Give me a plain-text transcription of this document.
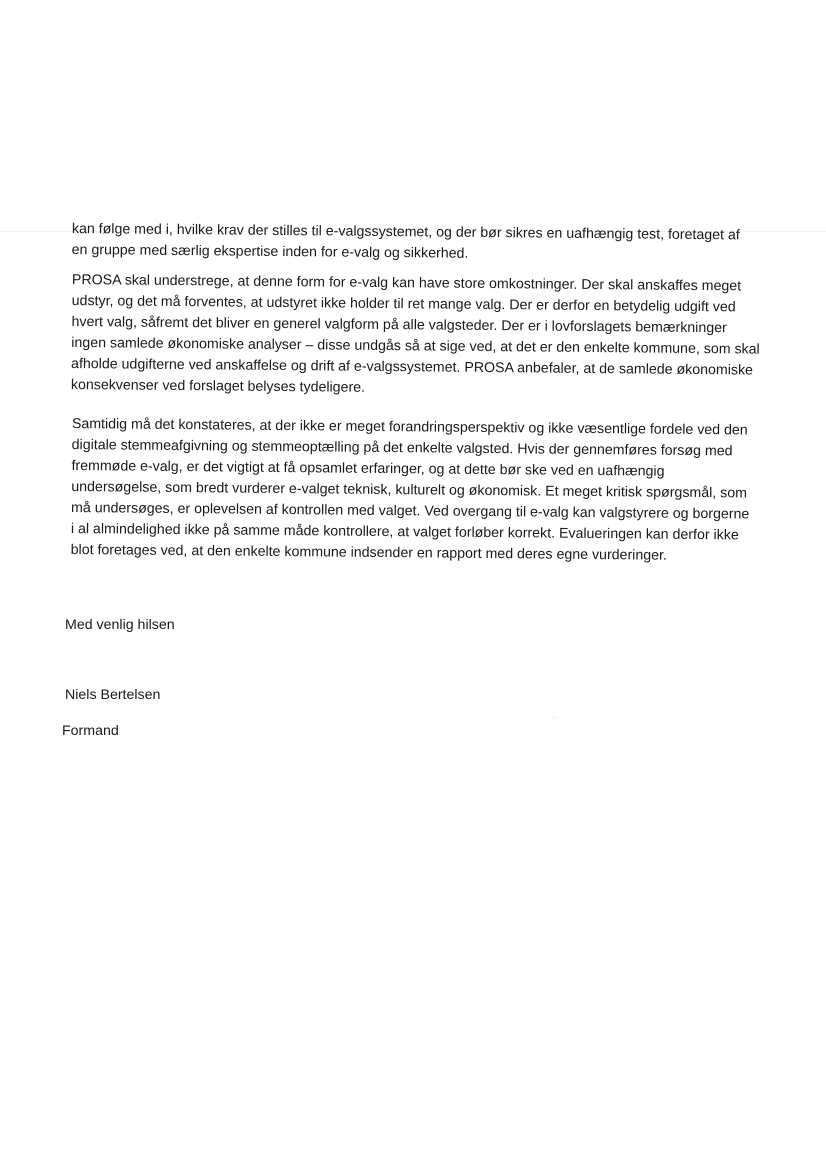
kan følge med i, hvilke krav der stilles til e-valgssystemet, og der bør sikres en uafhængig test, foretaget af
en gruppe med særlig ekspertise inden for e-valg og sikkerhed.

PROSA skal understrege, at denne form for e-valg kan have store omkostninger. Der skal anskaffes meget
udstyr, og det må forventes, at udstyret ikke holder til ret mange valg. Der er derfor en betydelig udgift ved
hvert valg, såfremt det bliver en generel valgform på alle valgsteder. Der er i lovforslagets bemærkninger
ingen samlede økonomiske analyser – disse undgås så at sige ved, at det er den enkelte kommune, som skal
afholde udgifterne ved anskaffelse og drift af e-valgssystemet. PROSA anbefaler, at de samlede økonomiske
konsekvenser ved forslaget belyses tydeligere.

Samtidig må det konstateres, at der ikke er meget forandringsperspektiv og ikke væsentlige fordele ved den
digitale stemmeafgivning og stemmeoptælling på det enkelte valgsted. Hvis der gennemføres forsøg med
fremmøde e-valg, er det vigtigt at få opsamlet erfaringer, og at dette bør ske ved en uafhængig
undersøgelse, som bredt vurderer e-valget teknisk, kulturelt og økonomisk. Et meget kritisk spørgsmål, som
må undersøges, er oplevelsen af kontrollen med valget. Ved overgang til e-valg kan valgstyrere og borgerne
i al almindelighed ikke på samme måde kontrollere, at valget forløber korrekt. Evalueringen kan derfor ikke
blot foretages ved, at den enkelte kommune indsender en rapport med deres egne vurderinger.

Med venlig hilsen

Niels Bertelsen

Formand
